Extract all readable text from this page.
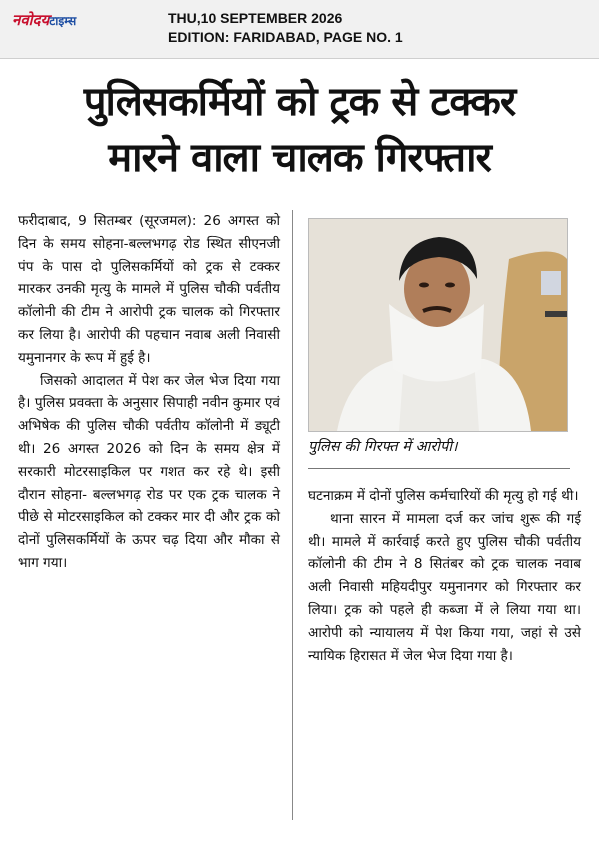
नवोदयटाइम्स	THU,10 SEPTEMBER 2026
EDITION: FARIDABAD, PAGE NO. 1
पुलिसकर्मियों को ट्रक से टक्कर
मारने वाला चालक गिरफ्तार

फरीदाबाद, 9 सितम्बर (सूरजमल): 26 अगस्त को दिन के समय सोहना-बल्लभगढ़ रोड स्थित सीएनजी पंप के पास दो पुलिसकर्मियों को ट्रक से टक्कर मारकर उनकी मृत्यु के मामले में पुलिस चौकी पर्वतीय कॉलोनी की टीम ने आरोपी ट्रक चालक को गिरफ्तार कर लिया है। आरोपी की पहचान नवाब अली निवासी यमुनानगर के रूप में हुई है।

जिसको आदालत में पेश कर जेल भेज दिया गया है। पुलिस प्रवक्ता के अनुसार सिपाही नवीन कुमार एवं अभिषेक की पुलिस चौकी पर्वतीय कॉलोनी में ड्यूटी थी। 26 अगस्त 2026 को दिन के समय क्षेत्र में सरकारी मोटरसाइकिल पर गशत कर रहे थे। इसी दौरान सोहना- बल्लभगढ़ रोड पर एक ट्रक चालक ने पीछे से मोटरसाइकिल को टक्कर मार दी और ट्रक को दोनों पुलिसकर्मियों के ऊपर चढ़ दिया और मौका से भाग गया।

पुलिस की गिरफ्त में आरोपी।

घटनाक्रम में दोनों पुलिस कर्मचारियों की मृत्यु हो गई थी।

थाना सारन में मामला दर्ज कर जांच शुरू की गई थी। मामले में कार्रवाई करते हुए पुलिस चौकी पर्वतीय कॉलोनी की टीम ने 8 सितंबर को ट्रक चालक नवाब अली निवासी महियदीपुर यमुनानगर को गिरफ्तार कर लिया। ट्रक को पहले ही कब्जा में ले लिया गया था। आरोपी को न्यायालय में पेश किया गया, जहां से उसे न्यायिक हिरासत में जेल भेज दिया गया है।
